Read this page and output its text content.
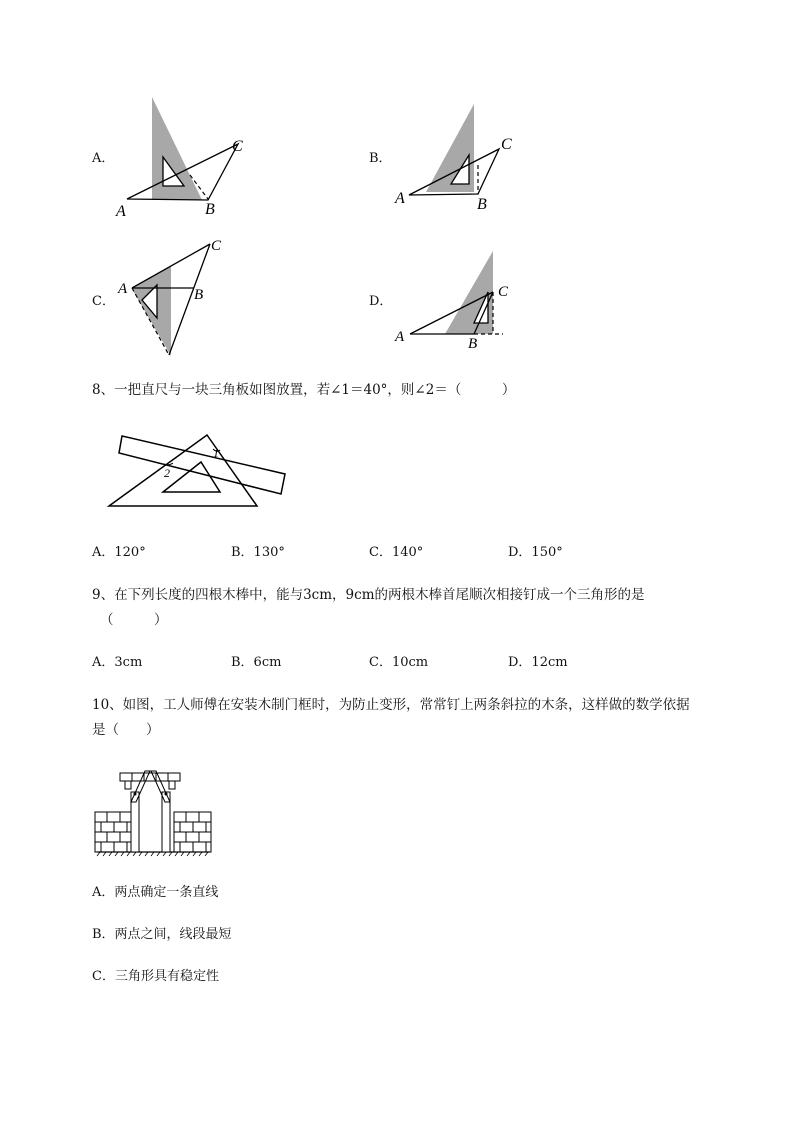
A．
A	B
C
B．
A	B
C
C．
A	B
C
D．
A	B
C
8、一把直尺与一块三角板如图放置，若∠1＝40°，则∠2＝（　　　）
1
2
A．120°	B．130°	C．140°	D．150°
9、在下列长度的四根木棒中，能与3cm，9cm的两根木棒首尾顺次相接钉成一个三角形的是
（　　　）
A．3cm	B．6cm	C．10cm	D．12cm
10、如图，工人师傅在安装木制门框时，为防止变形，常常钉上两条斜拉的木条，这样做的数学依据
是（　　）
A．两点确定一条直线
B．两点之间，线段最短
C．三角形具有稳定性
